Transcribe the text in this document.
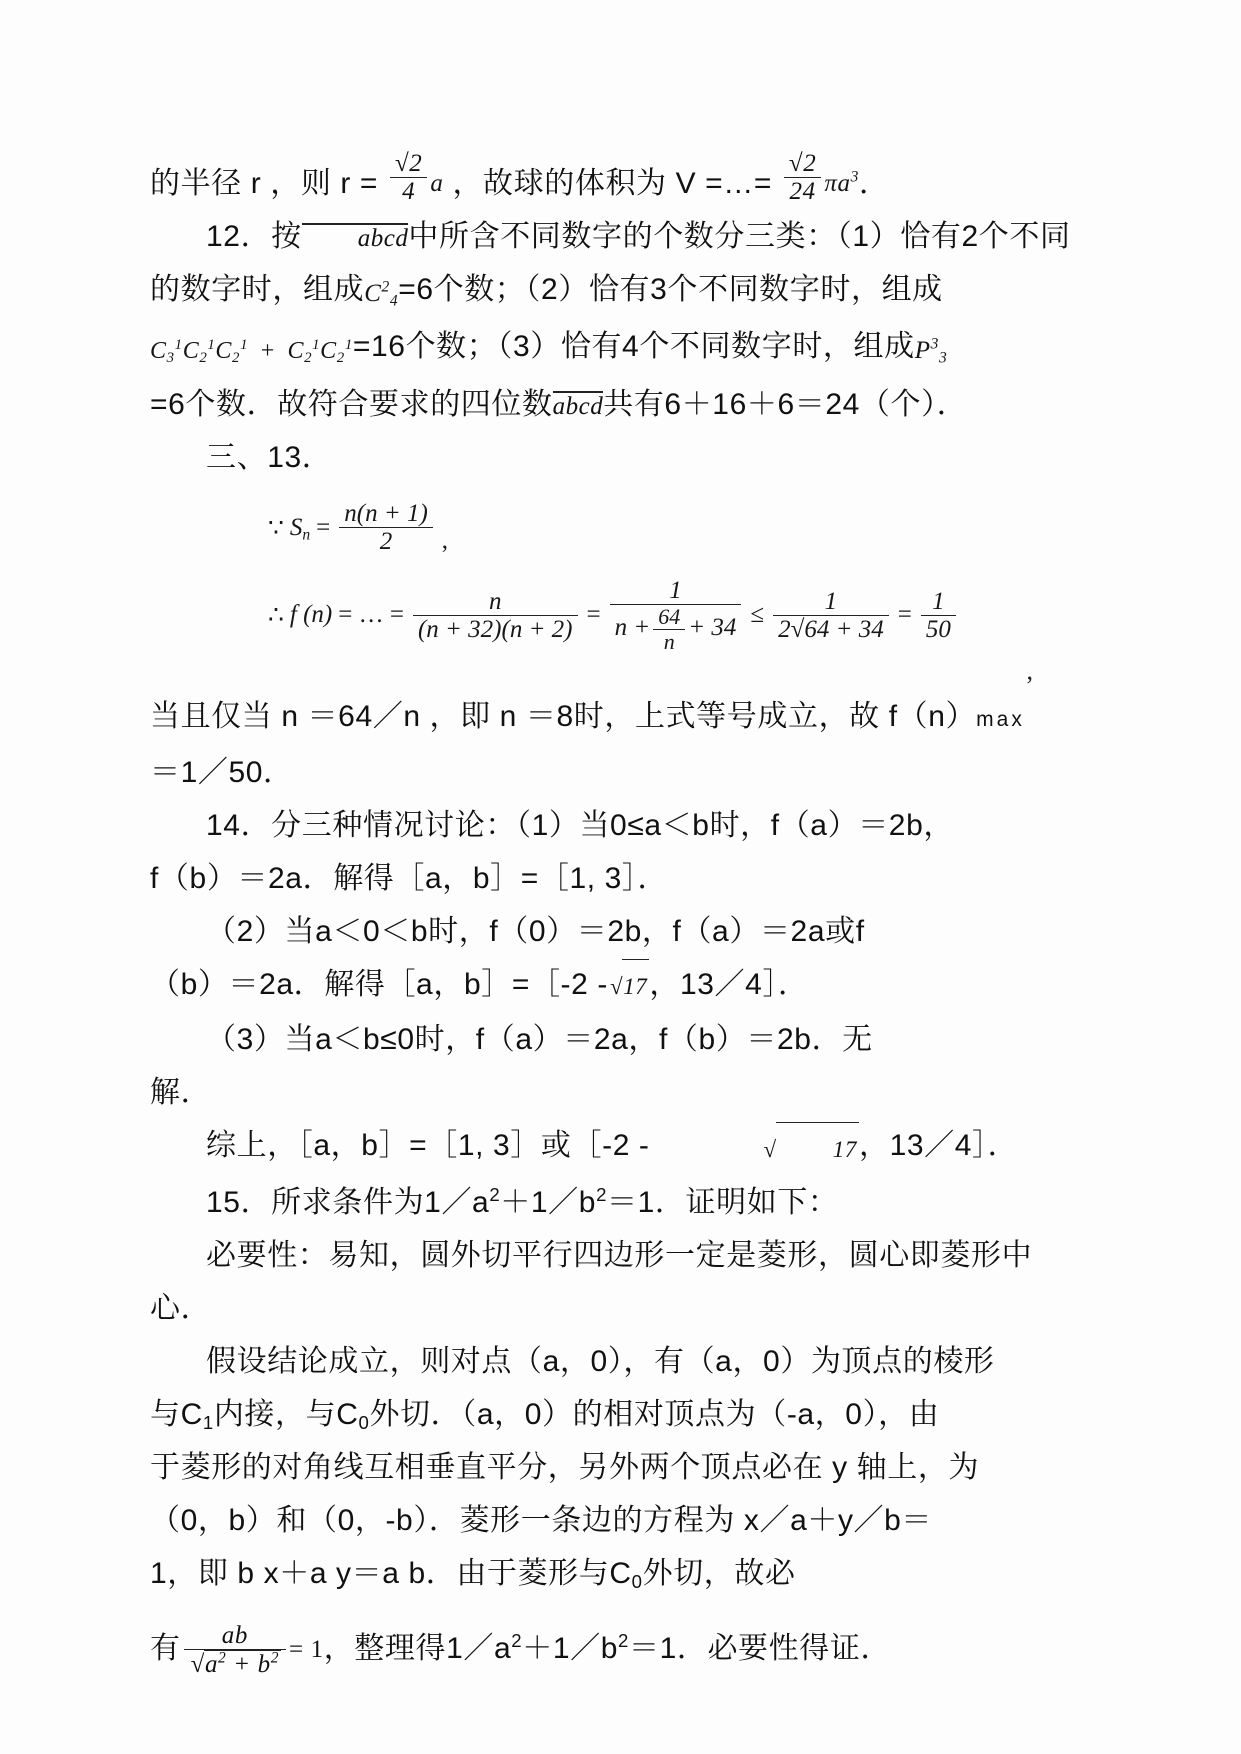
的半径 r ，则 $r = \frac{√2}{4}$ a ，故球的体积为 V =…= $\frac{√2}{24} \pi a^3$．
12．按 abcd中所含不同数字的个数分三类：（1）恰有2个不同
的数字时，组成$C^2_4=6$个数；（2）恰有3个不同数字时，组成
$C_3^1C_2^1C_2^1 + C_2^1C_2^1=16$个数；（3）恰有4个不同数字时，组成$P^3_3$
=6个数．故符合要求的四位数abcd共有6＋16＋6＝24（个）．
三、13．
∵ $S_n = \frac{n(n + 1)}{2}$ ,
∴ f (n) = … = $\frac{n}{(n + 32)(n + 2)} = \frac{1}{n + \frac{64}{n} + 34} \le \frac{1}{2√64 + 34} = \frac{1}{50}$
,
当且仅当 n ＝64／n ，即 n ＝8时，上式等号成立，故 f（n）max
＝1／50．
14．分三种情况讨论：（1）当0≤a＜b时，f（a）＝2b，
f（b）＝2a．解得［a，b］=［1, 3］．
（2）当a＜0＜b时，f（0）＝2b，f（a）＝2a或f
（b）＝2a．解得［a，b］=［-2 -√17，13／4］．
（3）当a＜b≤0时，f（a）＝2a，f（b）＝2b．无
解．
综上，［a，b］=［1, 3］或［-2 -	√ 17，13／4］．
15．所求条件为$1/a^2+1/b^2=1$．证明如下：
必要性：易知，圆外切平行四边形一定是菱形，圆心即菱形中
心．
假设结论成立，则对点（a，0），有（a，0）为顶点的棱形
与$C_1$内接，与$C_0$外切．（a，0）的相对顶点为（-a，0），由
于菱形的对角线互相垂直平分，另外两个顶点必在 y 轴上，为
（0，b）和（0，-b）．菱形一条边的方程为 x／a＋y／b＝
1，即 b x＋a y＝a b．由于菱形与$C_0$外切，故必
有 $\frac{ab}{√a^2 + b^2} = 1$ ，整理得$1/a^2+1/b^2=1$．必要性得证．
